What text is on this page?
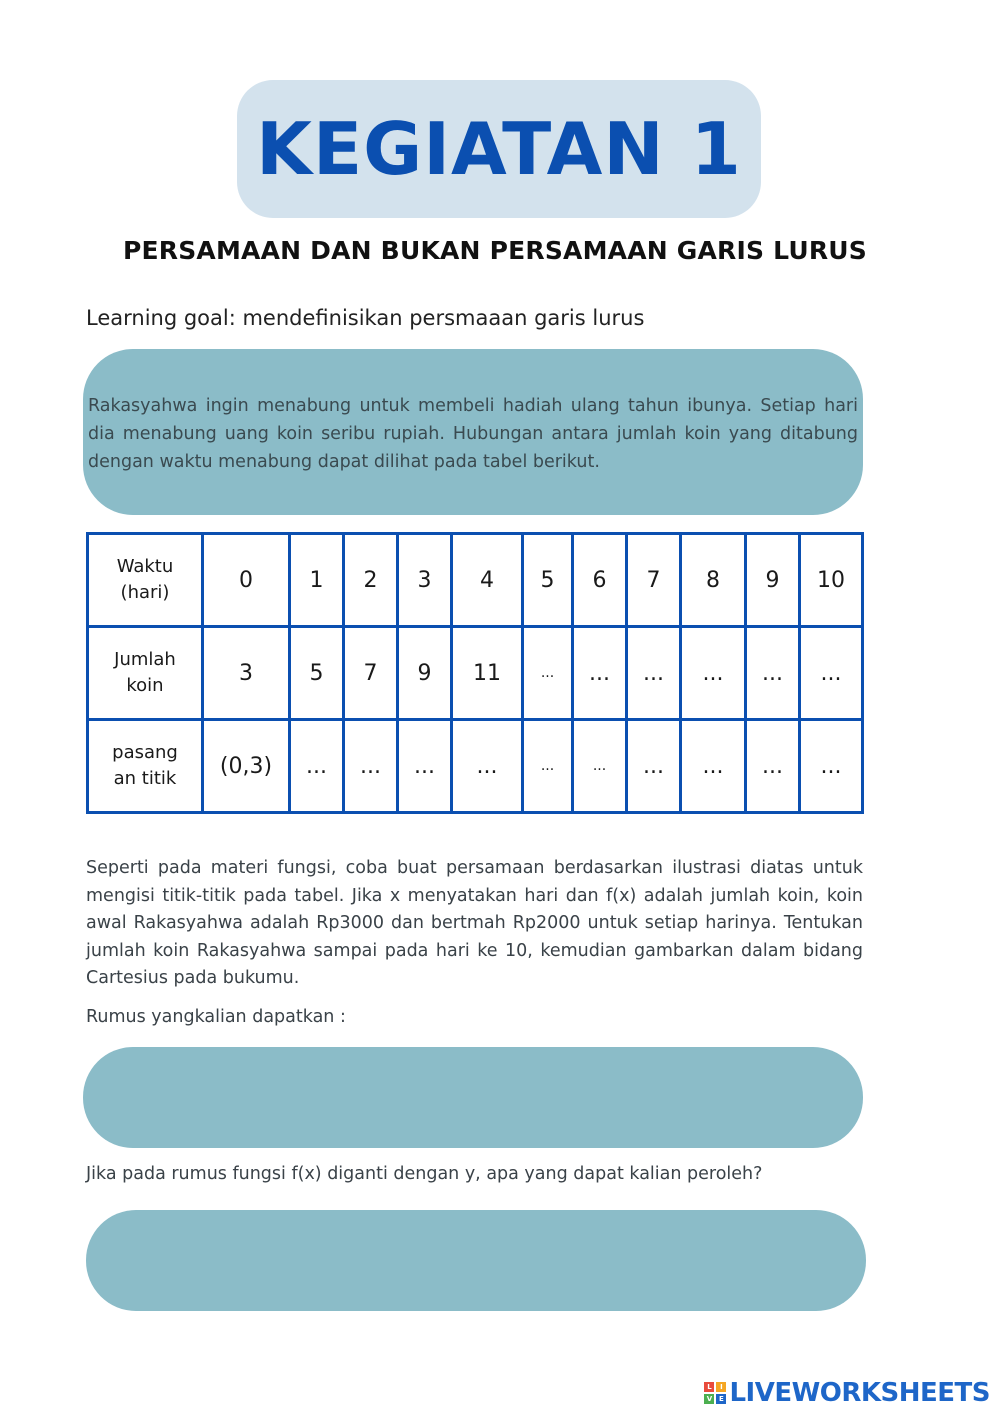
KEGIATAN 1
PERSAMAAN DAN BUKAN PERSAMAAN GARIS LURUS
Learning goal: mendefinisikan persmaaan garis lurus
Rakasyahwa ingin menabung untuk membeli hadiah ulang tahun ibunya. Setiap hari dia menabung uang koin seribu rupiah. Hubungan antara jumlah koin yang ditabung dengan waktu menabung dapat dilihat pada tabel berikut.
Waktu
(hari)	0	1	2	3	4	5	6	7	8	9	10
Jumlah
koin	3	5	7	9	11	...	...	...	...	...	...
pasang
an titik	(0,3)	...	...	...	...	...	...	...	...	...	...
Seperti pada materi fungsi, coba buat persamaan berdasarkan ilustrasi diatas untuk mengisi titik-titik pada tabel. Jika x menyatakan hari dan f(x) adalah jumlah koin, koin awal Rakasyahwa adalah Rp3000 dan bertmah Rp2000 untuk setiap harinya. Tentukan jumlah koin Rakasyahwa sampai pada hari ke 10, kemudian gambarkan dalam bidang Cartesius pada bukumu.
Rumus yangkalian dapatkan :
Jika pada rumus fungsi f(x) diganti dengan y, apa yang dapat kalian peroleh?
L	I
V E LIVEWORKSHEETS
